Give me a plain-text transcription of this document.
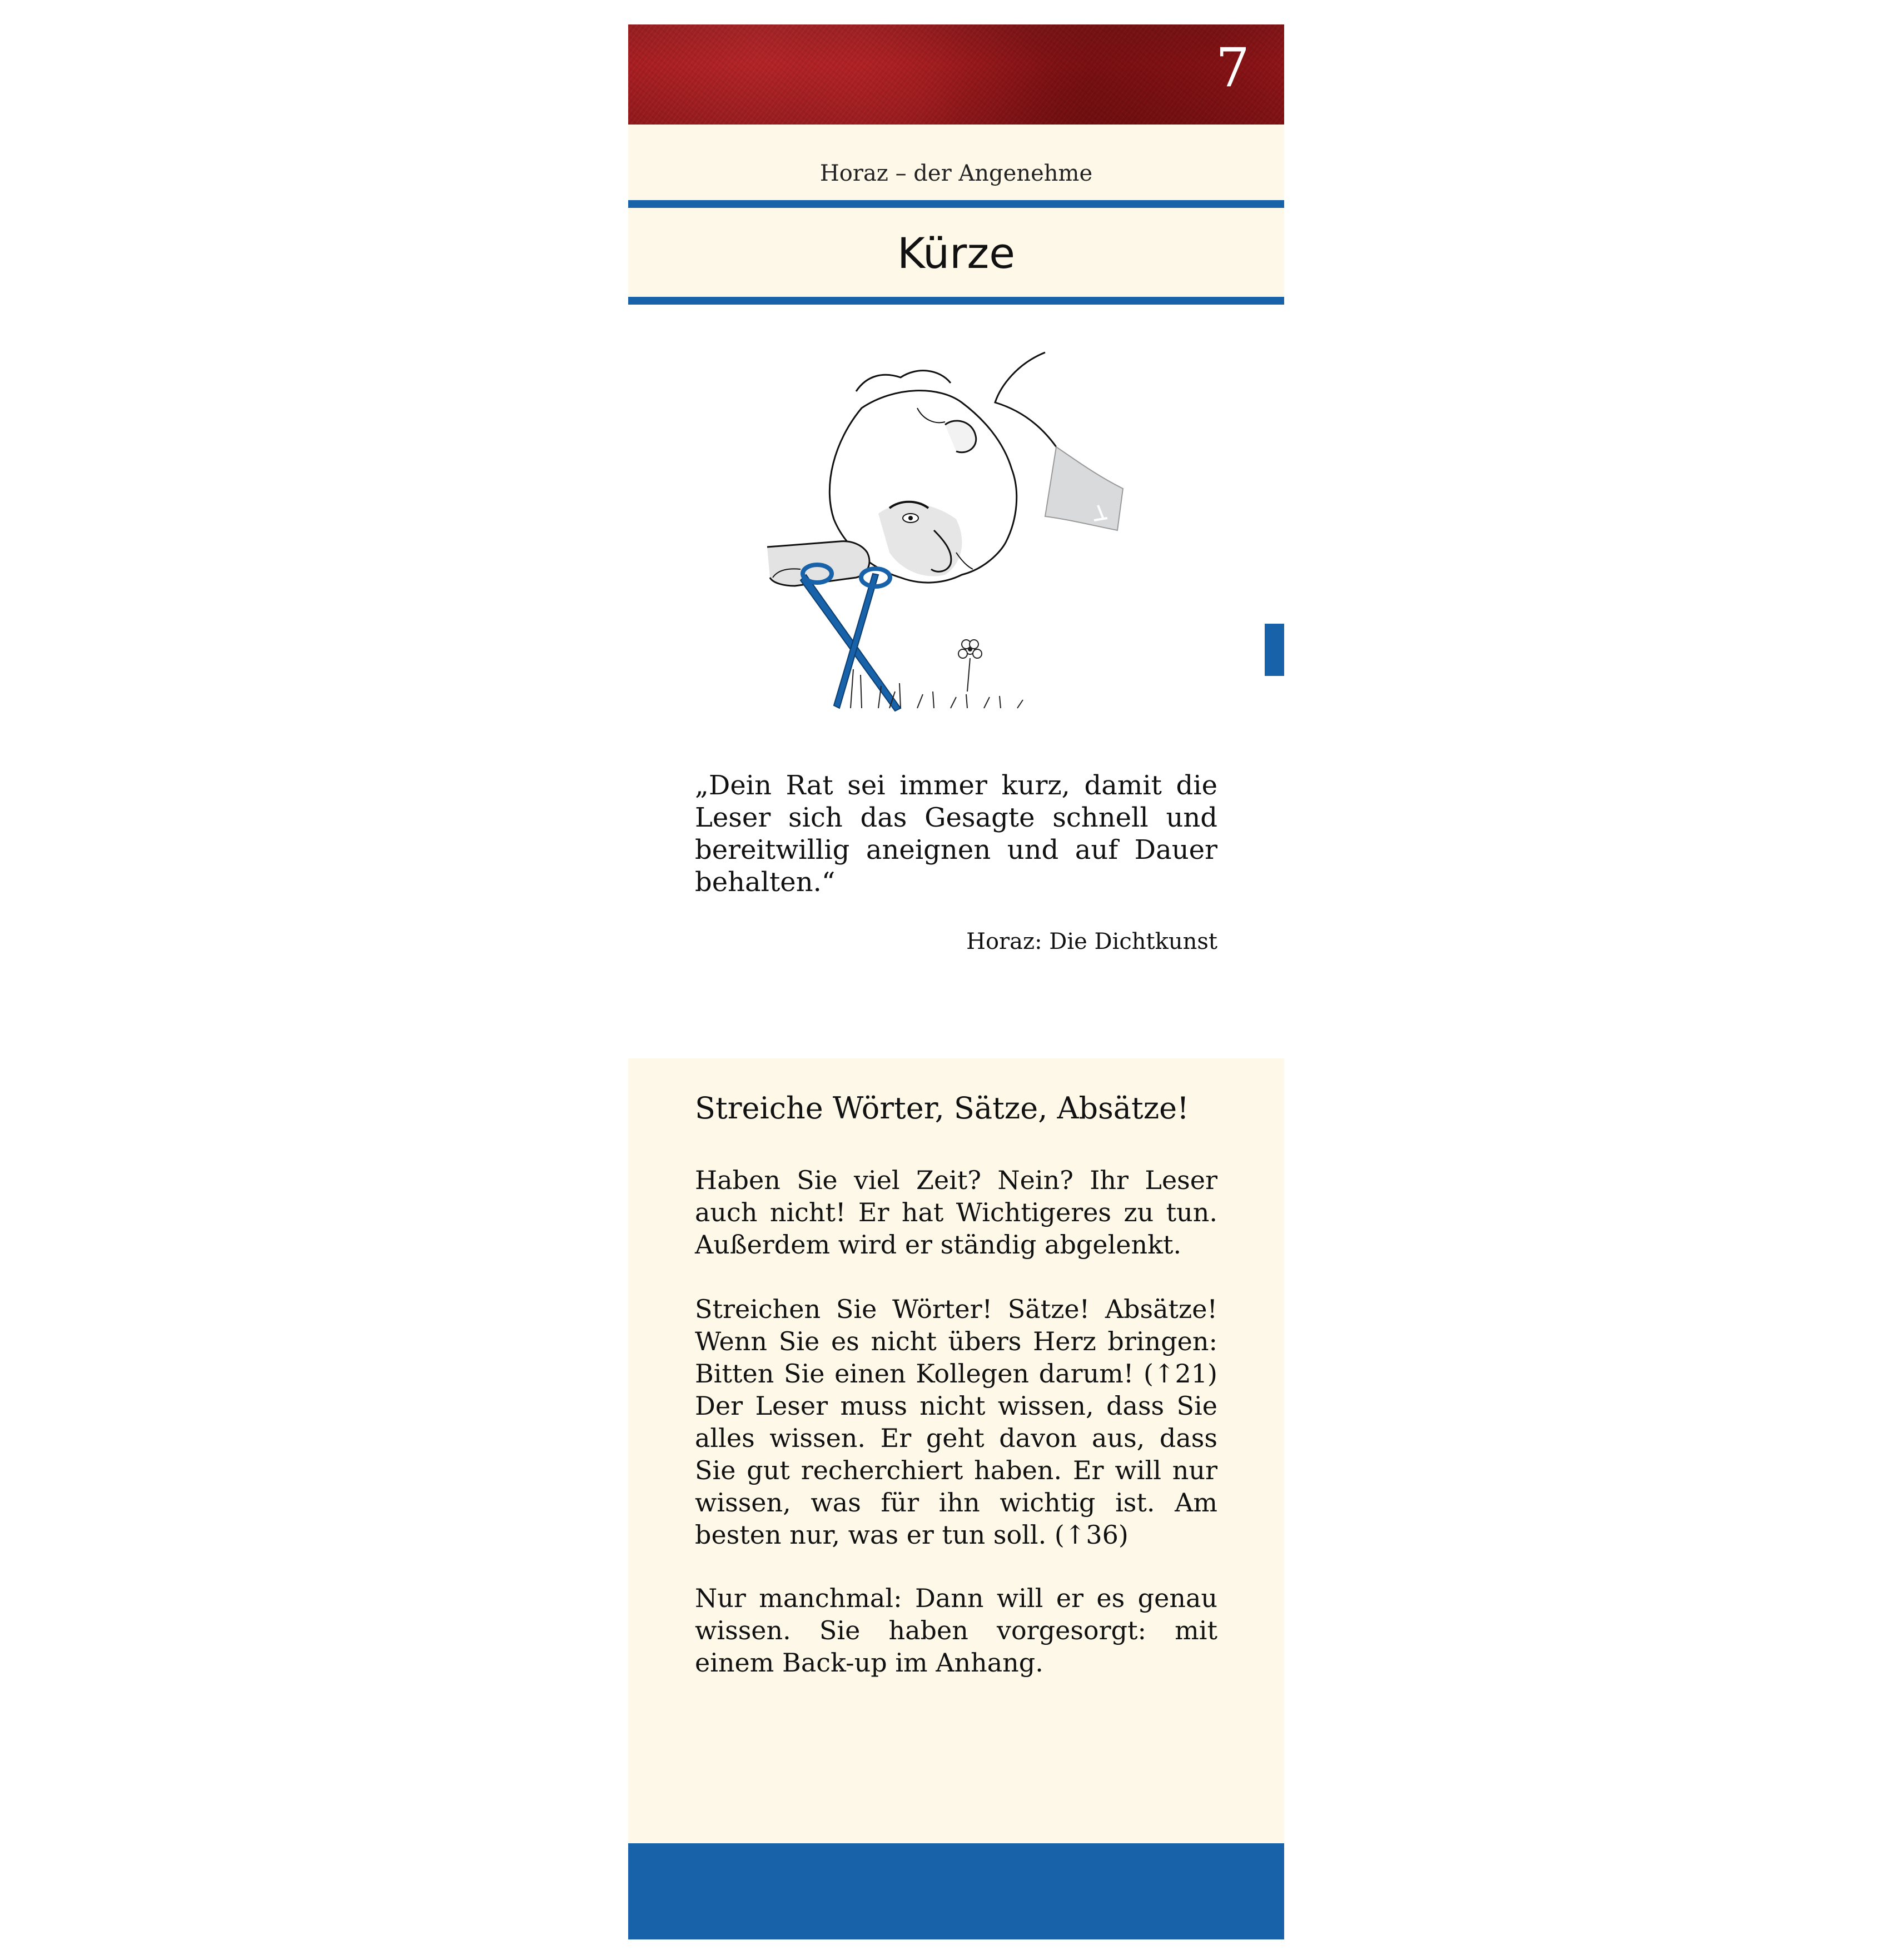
7
Horaz – der Angenehme
Kürze
„Dein Rat sei immer kurz, damit die Leser sich das Gesagte schnell und bereitwillig aneignen und auf Dauer behalten.“
Horaz: Die Dichtkunst
Streiche Wörter, Sätze, Absätze!

Haben Sie viel Zeit? Nein? Ihr Leser auch nicht! Er hat Wichtigeres zu tun. Außerdem wird er ständig abgelenkt.

Streichen Sie Wörter! Sätze! Absätze! Wenn Sie es nicht übers Herz bringen: Bitten Sie einen Kollegen darum! (↑21) Der Leser muss nicht wissen, dass Sie alles wissen. Er geht davon aus, dass Sie gut recherchiert haben. Er will nur wissen, was für ihn wichtig ist. Am besten nur, was er tun soll. (↑36)

Nur manchmal: Dann will er es genau wissen. Sie haben vorgesorgt: mit einem Back-up im Anhang.
